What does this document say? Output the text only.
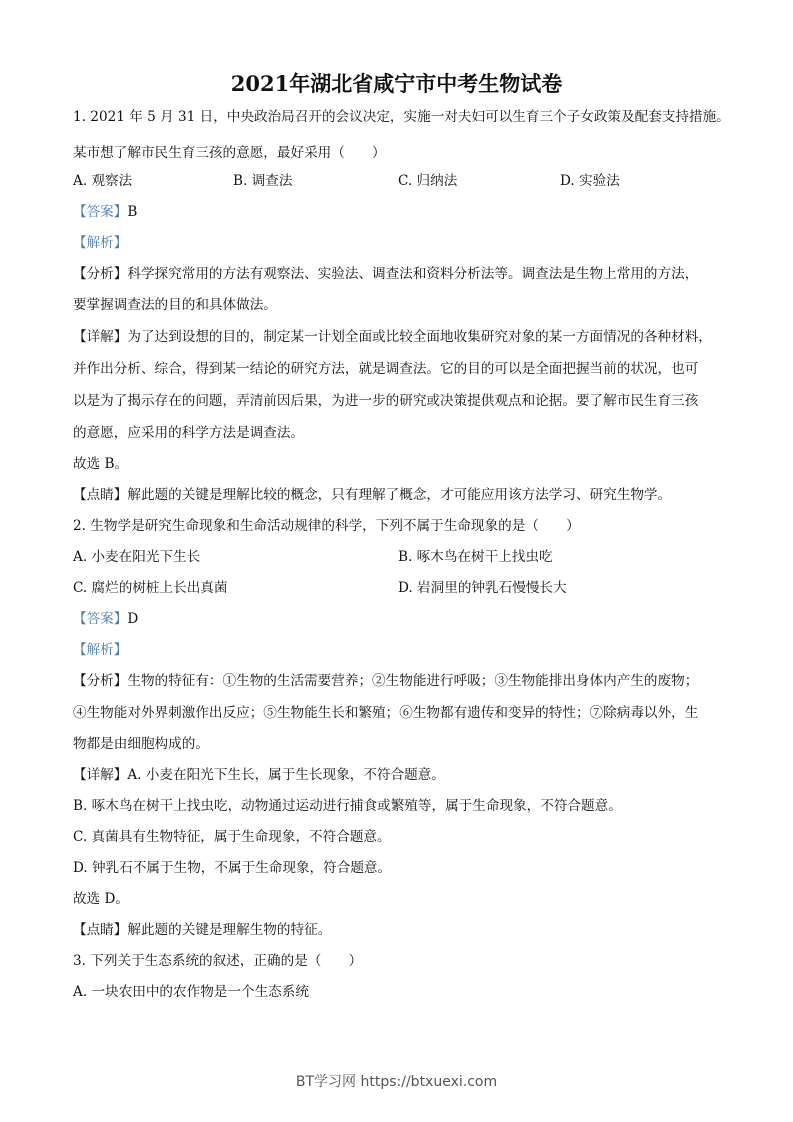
2021年湖北省咸宁市中考生物试卷
1. 2021 年 5 月 31 日，中央政治局召开的会议决定，实施一对夫妇可以生育三个子女政策及配套支持措施。
某市想了解市民生育三孩的意愿，最好采用（　　）
A. 观察法	B. 调查法	C. 归纳法	D. 实验法
【答案】B
【解析】
【分析】科学探究常用的方法有观察法、实验法、调查法和资料分析法等。调查法是生物上常用的方法，
要掌握调查法的目的和具体做法。
【详解】为了达到设想的目的，制定某一计划全面或比较全面地收集研究对象的某一方面情况的各种材料，
并作出分析、综合，得到某一结论的研究方法，就是调查法。它的目的可以是全面把握当前的状况，也可
以是为了揭示存在的问题，弄清前因后果，为进一步的研究或决策提供观点和论据。要了解市民生育三孩
的意愿，应采用的科学方法是调查法。
故选 B。
【点睛】解此题的关键是理解比较的概念，只有理解了概念，才可能应用该方法学习、研究生物学。
2. 生物学是研究生命现象和生命活动规律的科学，下列不属于生命现象的是（　　）
A. 小麦在阳光下生长	B. 啄木鸟在树干上找虫吃
C. 腐烂的树桩上长出真菌	D. 岩洞里的钟乳石慢慢长大
【答案】D
【解析】
【分析】生物的特征有：①生物的生活需要营养；②生物能进行呼吸；③生物能排出身体内产生的废物；
④生物能对外界刺激作出反应；⑤生物能生长和繁殖；⑥生物都有遗传和变异的特性；⑦除病毒以外，生
物都是由细胞构成的。
【详解】A. 小麦在阳光下生长，属于生长现象，不符合题意。
B. 啄木鸟在树干上找虫吃，动物通过运动进行捕食或繁殖等，属于生命现象，不符合题意。
C. 真菌具有生物特征，属于生命现象，不符合题意。
D. 钟乳石不属于生物，不属于生命现象，符合题意。
故选 D。
【点睛】解此题的关键是理解生物的特征。
3. 下列关于生态系统的叙述，正确的是（　　）
A. 一块农田中的农作物是一个生态系统
BT学习网 https://btxuexi.com
